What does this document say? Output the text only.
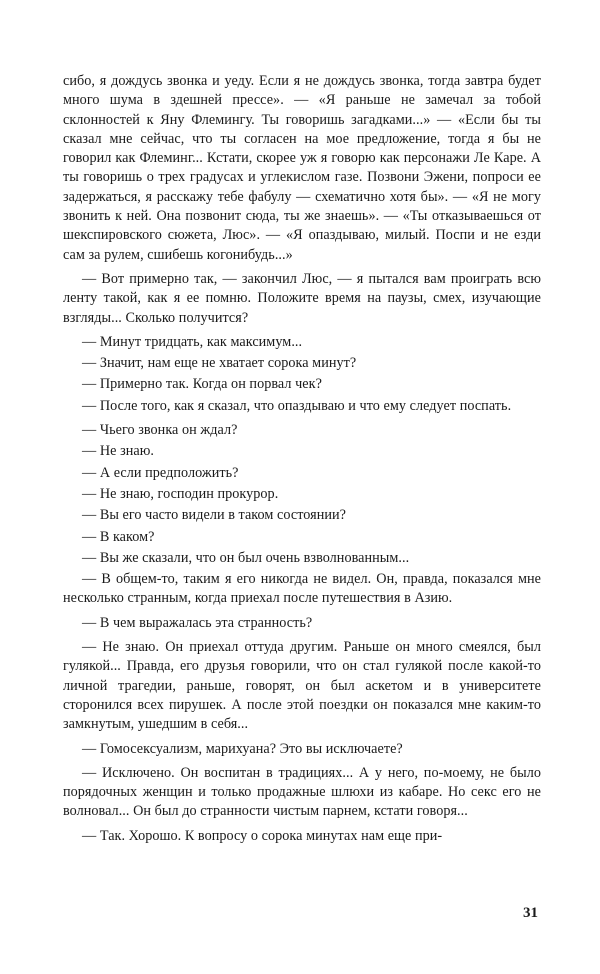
сибо, я дождусь звонка и уеду. Если я не дождусь звонка, тогда завтра будет много шума в здешней прессе». — «Я раньше не замечал за тобой склонностей к Яну Флемингу. Ты говоришь загадками...» — «Если бы ты сказал мне сейчас, что ты согласен на мое предложение, тогда я бы не говорил как Флеминг... Кстати, скорее уж я говорю как персонажи Ле Каре. А ты говоришь о трех градусах и углекислом газе. Позвони Эжени, попроси ее задержаться, я расскажу тебе фабулу — схематично хотя бы». — «Я не могу звонить к ней. Она позвонит сюда, ты же знаешь». — «Ты отказываешься от шекспировского сюжета, Люс». — «Я опаздываю, милый. Поспи и не езди сам за рулем, сшибешь когонибудь...»

— Вот примерно так, — закончил Люс, — я пытался вам проиграть всю ленту такой, как я ее помню. Положите время на паузы, смех, изучающие взгляды... Сколько получится?

— Минут тридцать, как максимум...

— Значит, нам еще не хватает сорока минут?

— Примерно так. Когда он порвал чек?

— После того, как я сказал, что опаздываю и что ему следует поспать.

— Чьего звонка он ждал?

— Не знаю.

— А если предположить?

— Не знаю, господин прокурор.

— Вы его часто видели в таком состоянии?

— В каком?

— Вы же сказали, что он был очень взволнованным...

— В общем-то, таким я его никогда не видел. Он, правда, показался мне несколько странным, когда приехал после путешествия в Азию.

— В чем выражалась эта странность?

— Не знаю. Он приехал оттуда другим. Раньше он много смеялся, был гулякой... Правда, его друзья говорили, что он стал гулякой после какой-то личной трагедии, раньше, говорят, он был аскетом и в университете сторонился всех пирушек. А после этой поездки он показался мне каким-то замкнутым, ушедшим в себя...

— Гомосексуализм, марихуана? Это вы исключаете?

— Исключено. Он воспитан в традициях... А у него, по-моему, не было порядочных женщин и только продажные шлюхи из кабаре. Но секс его не волновал... Он был до странности чистым парнем, кстати говоря...

— Так. Хорошо. К вопросу о сорока минутах нам еще при-

31
